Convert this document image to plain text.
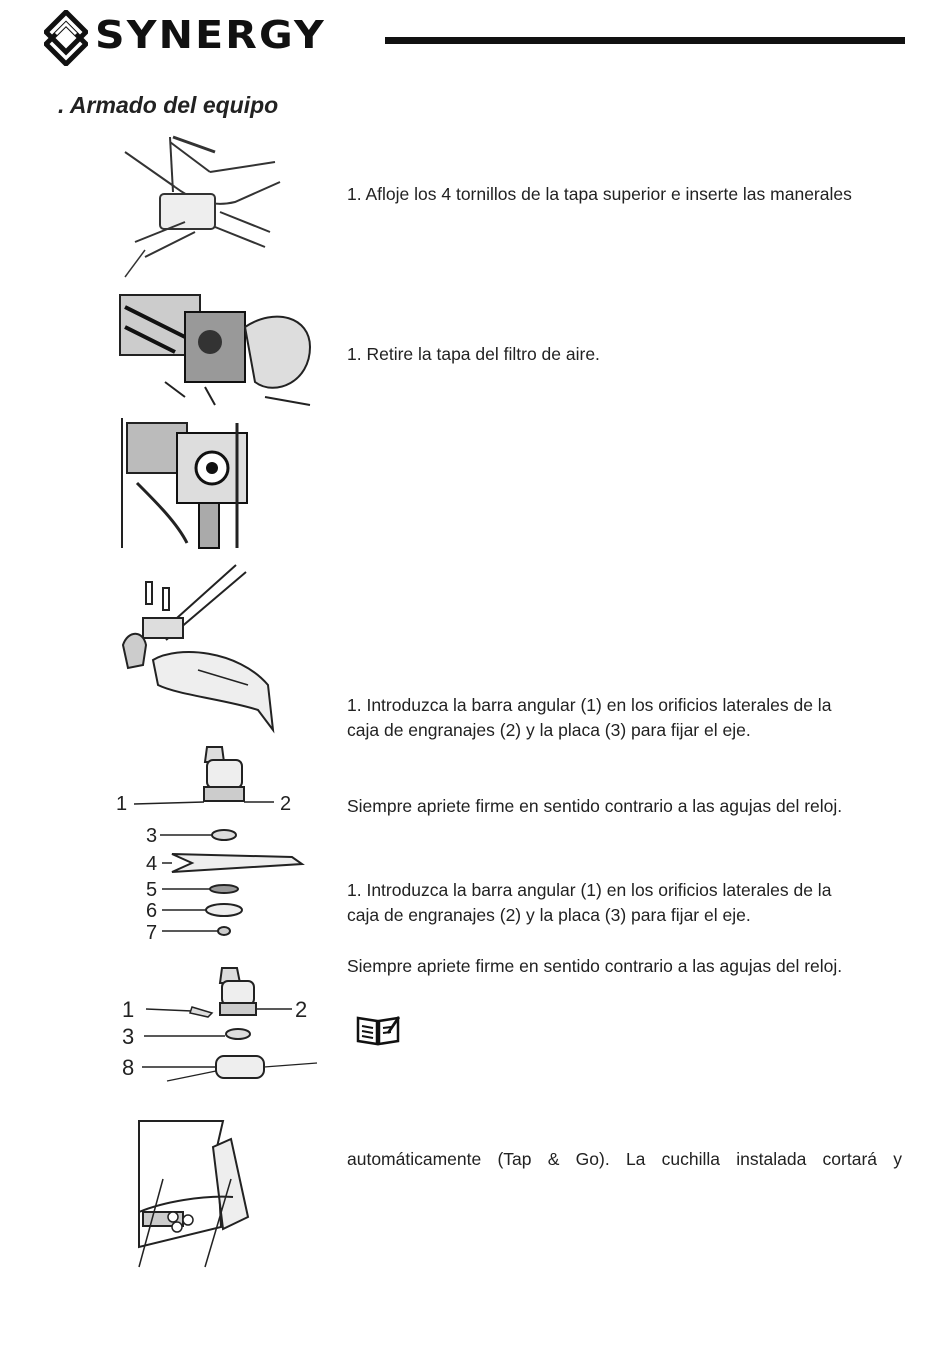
SYNERGY
. Armado del equipo
1. Afloje los 4 tornillos de la tapa superior e inserte las manerales
1. Retire la tapa del filtro de aire.
1. Introduzca la barra angular (1) en los orificios laterales de la
caja de engranajes (2) y la placa (3) para fijar el eje.
1	2
3
4
5
6
7
Siempre apriete firme en sentido contrario a las agujas del reloj.
1. Introduzca la barra angular (1) en los orificios laterales de la
caja de engranajes (2) y la placa (3) para fijar el eje.
Siempre apriete firme en sentido contrario a las agujas del reloj.
1	2
3
8
automáticamente (Tap & Go). La cuchilla instalada cortará y
